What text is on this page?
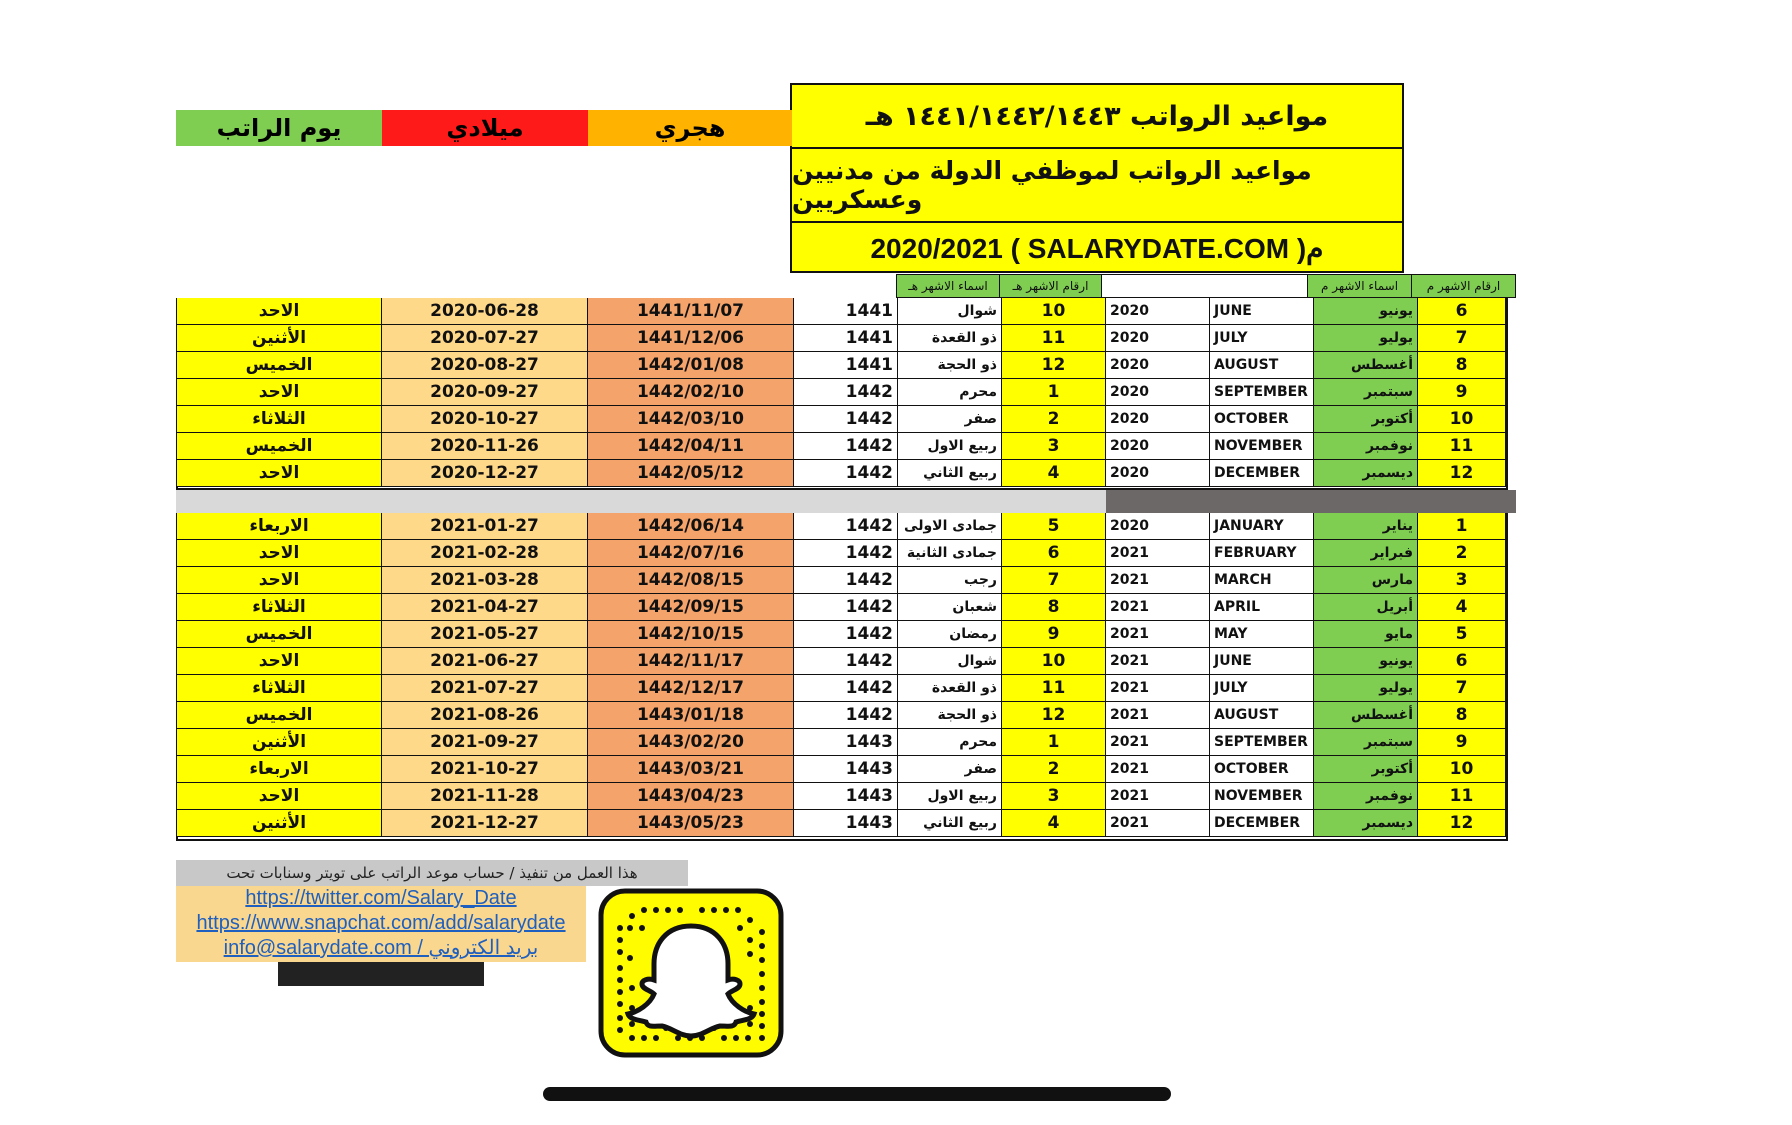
مواعيد الرواتب ١٤٤١/١٤٤٢/١٤٤٣ هـ
مواعيد الرواتب لموظفي الدولة من مدنيين وعسكريين
2020/2021 ( SALARYDATE.COM )م
يوم الراتب	ميلادي	هجري
اسماء الاشهر هـ	ارقام الاشهر هـ	اسماء الاشهر م	ارقام الاشهر م
هذا العمل من تنفيذ / حساب موعد الراتب على تويتر وسنابات تحت
https://twitter.com/Salary_Date
https://www.snapchat.com/add/salarydate
info@salarydate.com / بريد الكتروني
الاحد	2020-06-28	1441/11/07	1441	شوال	10	2020	JUNE	يونيو	6
الأثنين	2020-07-27	1441/12/06	1441	ذو القعدة	11	2020	JULY	يوليو	7
الخميس	2020-08-27	1442/01/08	1441	ذو الحجة	12	2020	AUGUST	أغسطس	8
الاحد	2020-09-27	1442/02/10	1442	محرم	1	2020	SEPTEMBER	سبتمبر	9
الثلاثاء	2020-10-27	1442/03/10	1442	صفر	2	2020	OCTOBER	أكتوبر	10
الخميس	2020-11-26	1442/04/11	1442	ربيع الاول	3	2020	NOVEMBER	نوفمبر	11
الاحد	2020-12-27	1442/05/12	1442	ربيع الثاني	4	2020	DECEMBER	ديسمبر	12
الاربعاء	2021-01-27	1442/06/14	1442 جمادى الاولى	5	2020	JANUARY	يناير	1
الاحد	2021-02-28	1442/07/16	1442 جمادى الثانية	6	2021	FEBRUARY	فبراير	2
الاحد	2021-03-28	1442/08/15	1442	رجب	7	2021	MARCH	مارس	3
الثلاثاء	2021-04-27	1442/09/15	1442	شعبان	8	2021	APRIL	أبريل	4
الخميس	2021-05-27	1442/10/15	1442	رمضان	9	2021	MAY	مايو	5
الاحد	2021-06-27	1442/11/17	1442	شوال	10	2021	JUNE	يونيو	6
الثلاثاء	2021-07-27	1442/12/17	1442	ذو القعدة	11	2021	JULY	يوليو	7
الخميس	2021-08-26	1443/01/18	1442	ذو الحجة	12	2021	AUGUST	أغسطس	8
الأثنين	2021-09-27	1443/02/20	1443	محرم	1	2021	SEPTEMBER	سبتمبر	9
الاربعاء	2021-10-27	1443/03/21	1443	صفر	2	2021	OCTOBER	أكتوبر	10
الاحد	2021-11-28	1443/04/23	1443	ربيع الاول	3	2021	NOVEMBER	نوفمبر	11
الأثنين	2021-12-27	1443/05/23	1443	ربيع الثاني	4	2021	DECEMBER	ديسمبر	12
